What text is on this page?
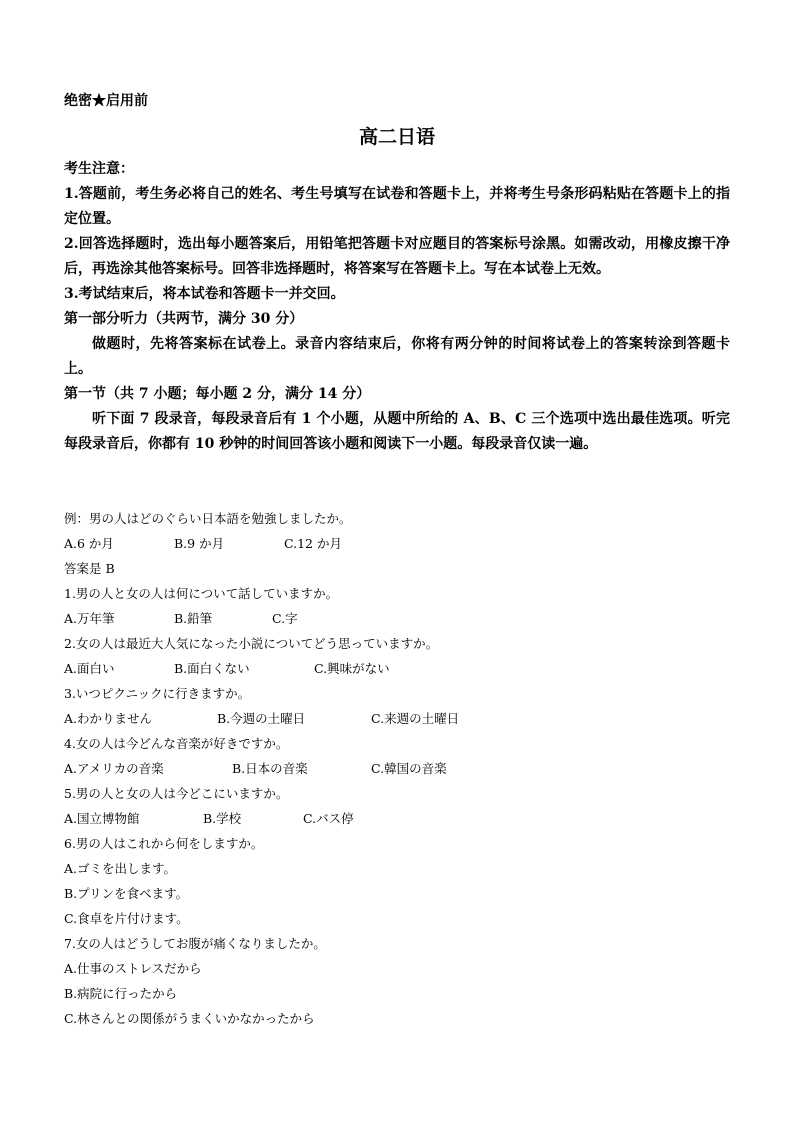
绝密★启用前
高二日语

考生注意：

1.答题前，考生务必将自己的姓名、考生号填写在试卷和答题卡上，并将考生号条形码粘贴在答题卡上的指定位置。

2.回答选择题时，选出每小题答案后，用铅笔把答题卡对应题目的答案标号涂黑。如需改动，用橡皮擦干净后，再选涂其他答案标号。回答非选择题时，将答案写在答题卡上。写在本试卷上无效。

3.考试结束后，将本试卷和答题卡一并交回。

第一部分听力（共两节，满分 30 分）

做题时，先将答案标在试卷上。录音内容结束后，你将有两分钟的时间将试卷上的答案转涂到答题卡上。

第一节（共 7 小题；每小题 2 分，满分 14 分）

听下面 7 段录音，每段录音后有 1 个小题，从题中所给的 A、B、C 三个选项中选出最佳选项。听完每段录音后，你都有 10 秒钟的时间回答该小题和阅读下一小题。每段录音仅读一遍。

例：男の人はどのぐらい日本語を勉強しましたか。

A.6 か月	B.9 か月	C.12 か月

答案是 B

1.男の人と女の人は何について話していますか。

A.万年筆	B.鉛筆	C.字

2.女の人は最近大人気になった小説についてどう思っていますか。

A.面白い	B.面白くない	C.興味がない

3.いつピクニックに行きますか。

A.わかりません	B.今週の土曜日	C.来週の土曜日

4.女の人は今どんな音楽が好きですか。

A.アメリカの音楽	B.日本の音楽	C.韓国の音楽

5.男の人と女の人は今どこにいますか。

A.国立博物館	B.学校	C.バス停

6.男の人はこれから何をしますか。

A.ゴミを出します。

B.プリンを食べます。

C.食卓を片付けます。

7.女の人はどうしてお腹が痛くなりましたか。

A.仕事のストレスだから

B.病院に行ったから

C.林さんとの関係がうまくいかなかったから
